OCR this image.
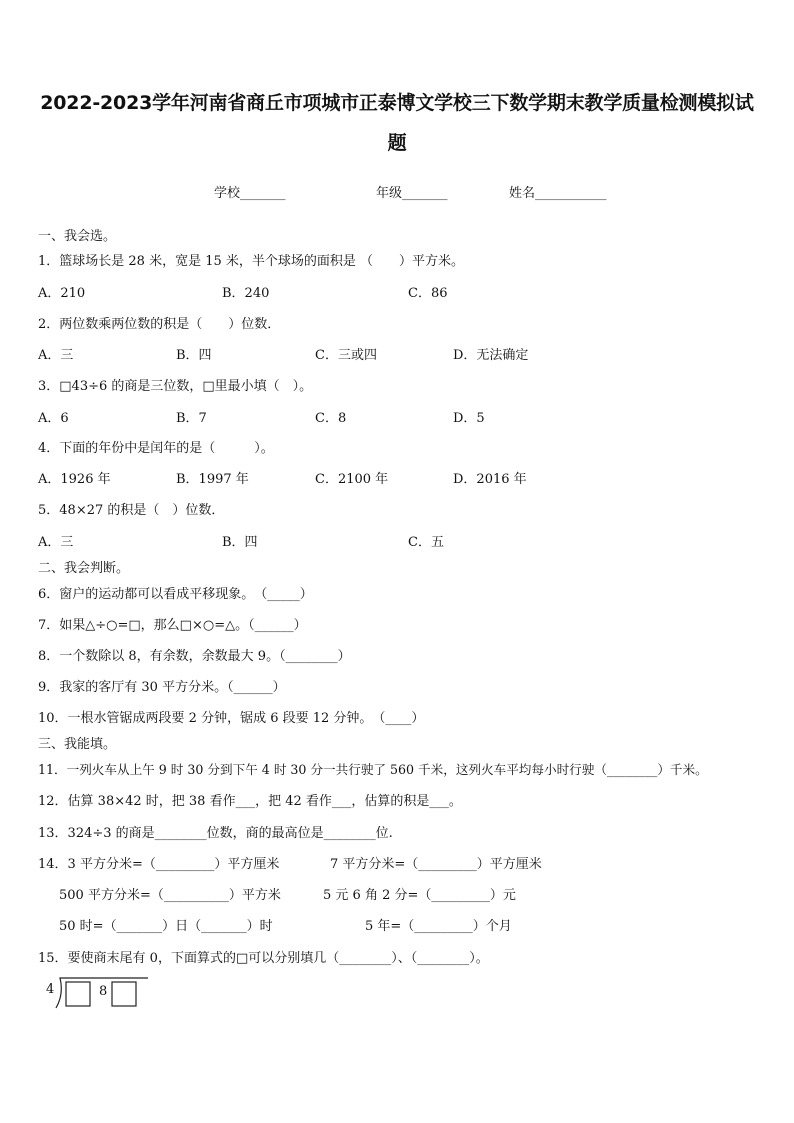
2022-2023学年河南省商丘市项城市正泰博文学校三下数学期末教学质量检测模拟试
题
学校_______	年级_______	姓名___________
一、我会选。
1．篮球场长是 28 米，宽是 15 米，半个球场的面积是 （　　）平方米。
A．210	B．240	C．86
2．两位数乘两位数的积是（　　）位数．
A．三	B．四	C．三或四	D．无法确定
3．□43÷6 的商是三位数，□里最小填（　）。
A．6	B．7	C．8	D．5
4．下面的年份中是闰年的是（　　　）。
A．1926 年	B．1997 年	C．2100 年	D．2016 年
5．48×27 的积是（　）位数．
A．三	B．四	C．五
二、我会判断。
6．窗户的运动都可以看成平移现象。　（_____）
7．如果△÷○=□，那么□×○=△。（______）
8．一个数除以 8，有余数，余数最大 9。（________）
9．我家的客厅有 30 平方分米。（______）
10．一根水管锯成两段要 2 分钟，锯成 6 段要 12 分钟。　（____）
三、我能填。
11．一列火车从上午 9 时 30 分到下午 4 时 30 分一共行驶了 560 千米，这列火车平均每小时行驶（________）千米。
12．估算 38×42 时，把 38 看作___，把 42 看作___，估算的积是___。
13．324÷3 的商是________位数，商的最高位是________位.
14．3 平方分米=（_________）平方厘米	7 平方分米=（_________）平方厘米
500 平方分米=（__________）平方米	5 元 6 角 2 分=（_________）元
50 时=（_______）日（_______）时	5 年=（_________）个月
15．要使商末尾有 0，下面算式的□可以分别填几（________）、（________）。
4	8
